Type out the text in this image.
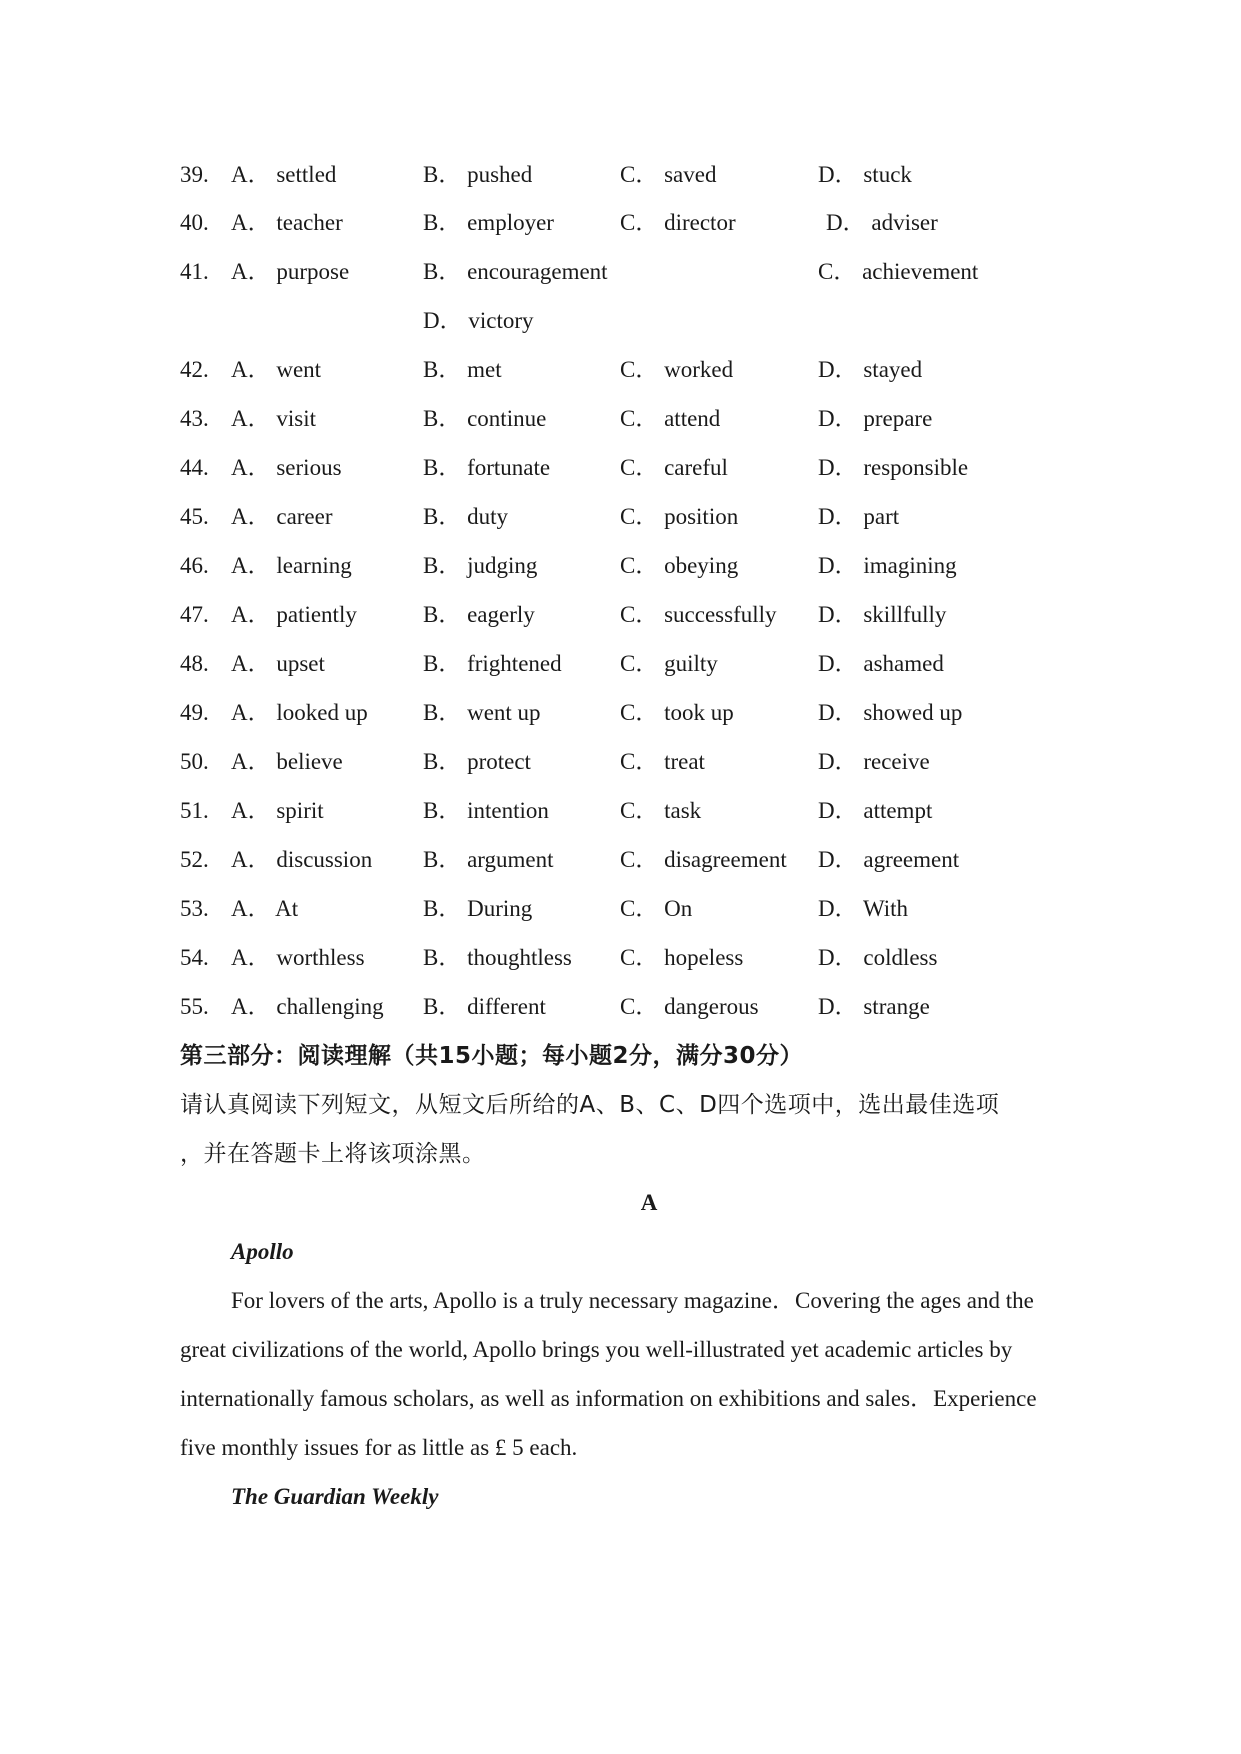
39. A． settled	B． pushed	C． saved	D． stuck
40. A． teacher	B． employer	C． director	D． adviser
41. A． purpose	B． encouragement	C． achievement
D． victory
42. A． went	B． met	C． worked	D． stayed
43. A． visit	B． continue	C． attend	D． prepare
44. A． serious	B． fortunate	C． careful	D． responsible
45. A． career	B． duty	C． position	D． part
46. A． learning	B． judging	C． obeying	D． imagining
47. A． patiently	B． eagerly	C． successfully D． skillfully
48. A． upset	B． frightened	C． guilty	D． ashamed
49. A． looked up B． went up	C． took up	D． showed up
50. A． believe	B． protect	C． treat	D． receive
51. A． spirit	B． intention	C． task	D． attempt
52. A． discussion B． argument	C． disagreement D． agreement
53. A． At	B． During	C． On	D． With
54. A． worthless	B． thoughtless C． hopeless	D． coldless
55. A． challenging B． different	C． dangerous	D． strange
第三部分：阅读理解（共15小题；每小题2分，满分30分）
请认真阅读下列短文，从短文后所给的A、B、C、D四个选项中，选出最佳选项
，并在答题卡上将该项涂黑。
A
Apollo

For lovers of the arts, Apollo is a truly necessary magazine．Covering the ages and the great civilizations of the world, Apollo brings you well-illustrated yet academic articles by internationally famous scholars, as well as information on exhibitions and sales．Experience five monthly issues for as little as £ 5 each.

The Guardian Weekly
